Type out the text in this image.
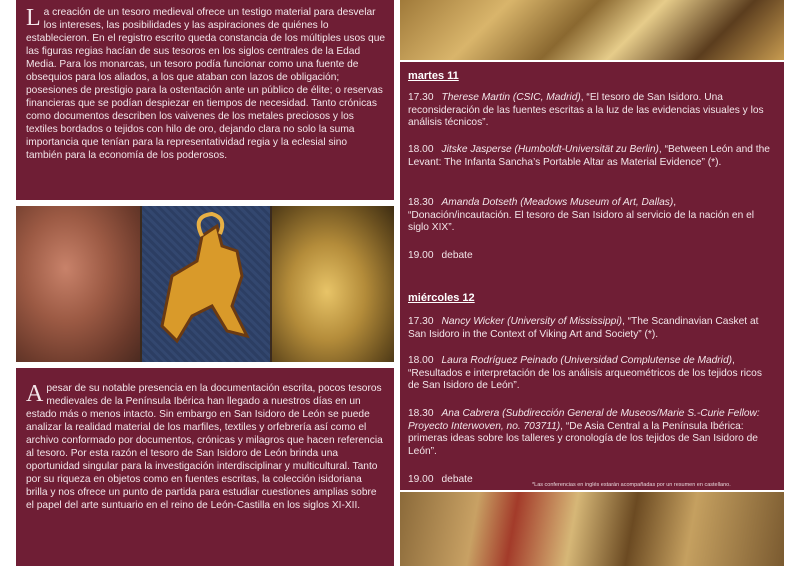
La creación de un tesoro medieval ofrece un testigo material para desvelar los intereses, las posibilidades y las aspiraciones de quiénes lo establecieron. En el registro escrito queda constancia de los múltiples usos que las figuras regias hacían de sus tesoros en los siglos centrales de la Edad Media. Para los monarcas, un tesoro podía funcionar como una fuente de obsequios para los aliados, a los que ataban con lazos de obligación; posesiones de prestigio para la ostentación ante un público de élite; o reservas financieras que se podían despiezar en tiempos de necesidad. Tanto crónicas como documentos describen los vaivenes de los metales preciosos y los textiles bordados o tejidos con hilo de oro, dejando clara no solo la suma importancia que tenían para la representatividad regia y la eclesial sino también para la economía de los poderosos.

A pesar de su notable presencia en la documentación escrita, pocos tesoros medievales de la Península Ibérica han llegado a nuestros días en un estado más o menos intacto. Sin embargo en San Isidoro de León se puede analizar la realidad material de los marfiles, textiles y orfebrería así como el archivo conformado por documentos, crónicas y milagros que hacen referencia al tesoro. Por esta razón el tesoro de San Isidoro de León brinda una oportunidad singular para la investigación interdisciplinar y multicultural. Tanto por su riqueza en objetos como en fuentes escritas, la colección isidoriana brilla y nos ofrece un punto de partida para estudiar cuestiones amplias sobre el papel del arte suntuario en el reino de León-Castilla en los siglos XI-XII.

martes 11

17.30 Therese Martin (CSIC, Madrid), “El tesoro de San Isidoro. Una reconsideración de las fuentes escritas a la luz de las evidencias visuales y los análisis técnicos”.

18.00 Jitske Jasperse (Humboldt-Universität zu Berlin), “Between León and the Levant: The Infanta Sancha’s Portable Altar as Material Evidence” (*).

18.30 Amanda Dotseth (Meadows Museum of Art, Dallas), “Donación/incautación. El tesoro de San Isidoro al servicio de la nación en el siglo XIX”.

19.00 debate

miércoles 12

17.30 Nancy Wicker (University of Mississippi), “The Scandinavian Casket at San Isidoro in the Context of Viking Art and Society” (*).

18.00 Laura Rodríguez Peinado (Universidad Complutense de Madrid), “Resultados e interpretación de los análisis arqueométricos de los tejidos ricos de San Isidoro de León”.

18.30 Ana Cabrera (Subdirección General de Museos/Marie S.-Curie Fellow: Proyecto Interwoven, no. 703711), “De Asia Central a la Península Ibérica: primeras ideas sobre los talleres y cronología de los tejidos de San Isidoro de León”.

19.00 debate	*Las conferencias en inglés estarán acompañadas por un resumen en castellano.
